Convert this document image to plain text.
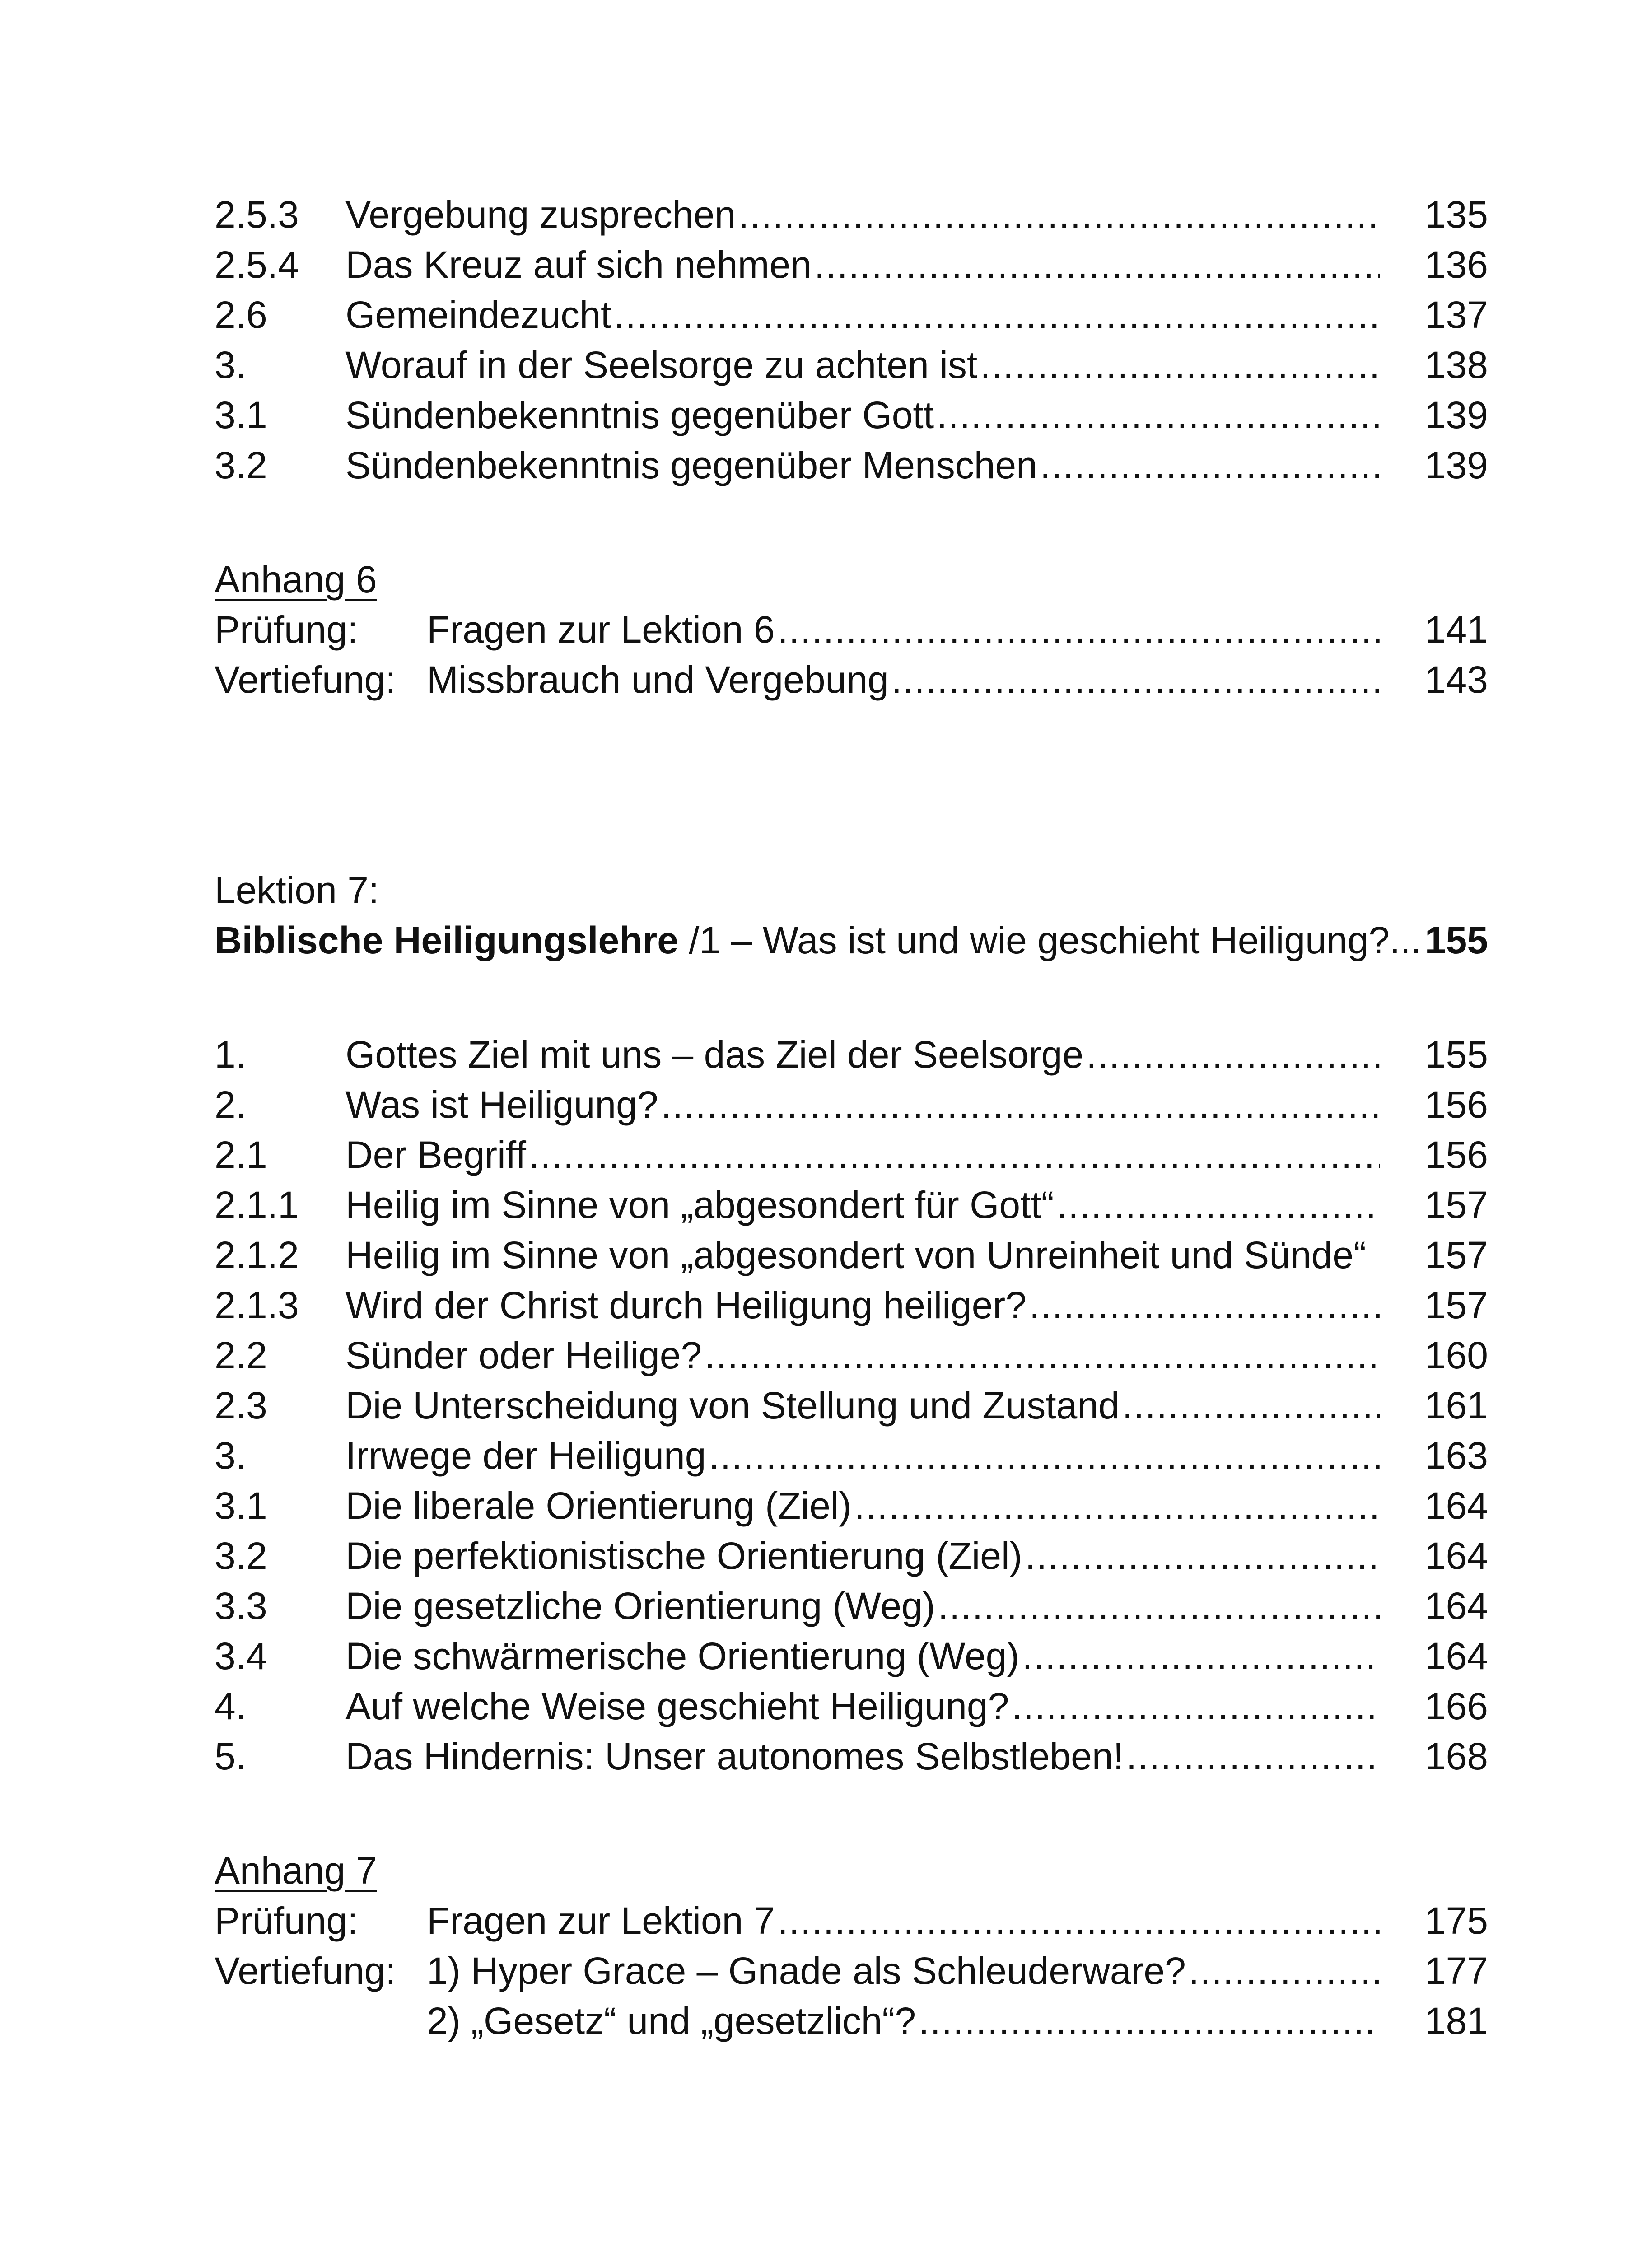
2.5.3	Vergebung zusprechen .....	135
2.5.4	Das Kreuz auf sich nehmen .....	136
2.6	Gemeindezucht .....	137
3.	Worauf in der Seelsorge zu achten ist .....	138
3.1	Sündenbekenntnis gegenüber Gott .....	139
3.2	Sündenbekenntnis gegenüber Menschen .....	139
Anhang 6
Prüfung:	Fragen zur Lektion 6 .....	141
Vertiefung: Missbrauch und Vergebung .....	143
Lektion 7:
Biblische Heiligungslehre /1 – Was ist und wie geschieht Heiligung?... 155
1.	Gottes Ziel mit uns – das Ziel der Seelsorge .....	155
2.	Was ist Heiligung? .....	156
2.1	Der Begriff .....	156
2.1.1	Heilig im Sinne von „abgesondert für Gott“ .....	157
2.1.2	Heilig im Sinne von „abgesondert von Unreinheit und Sünde“ 157
2.1.3	Wird der Christ durch Heiligung heiliger? .....	157
2.2	Sünder oder Heilige? .....	160
2.3	Die Unterscheidung von Stellung und Zustand .....	161
3.	Irrwege der Heiligung .....	163
3.1	Die liberale Orientierung (Ziel) .....	164
3.2	Die perfektionistische Orientierung (Ziel) .....	164
3.3	Die gesetzliche Orientierung (Weg) .....	164
3.4	Die schwärmerische Orientierung (Weg) .....	164
4.	Auf welche Weise geschieht Heiligung? .....	166
5.	Das Hindernis: Unser autonomes Selbstleben! .....	168
Anhang 7
Prüfung:	Fragen zur Lektion 7 .....	175
Vertiefung: 1) Hyper Grace – Gnade als Schleuderware? .....	177
2) „Gesetz“ und „gesetzlich“? .....	181
